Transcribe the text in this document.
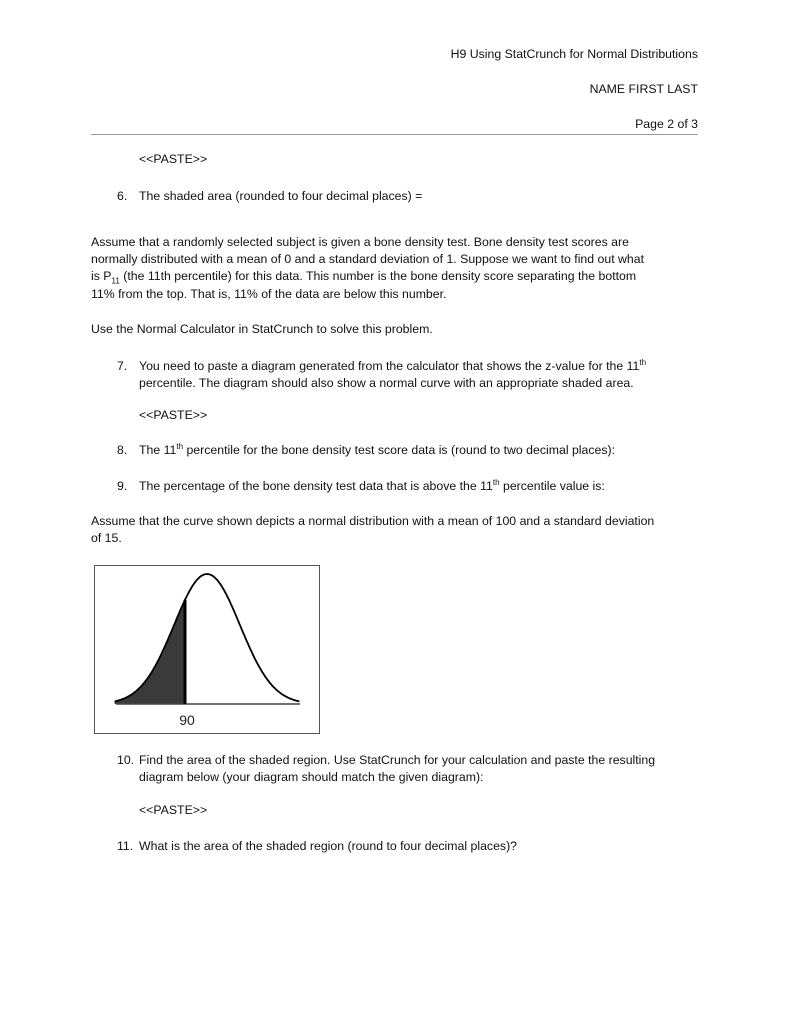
H9 Using StatCrunch for Normal Distributions
NAME FIRST LAST
Page 2 of 3
<<PASTE>>
6. The shaded area (rounded to four decimal places) =
Assume that a randomly selected subject is given a bone density test. Bone density test scores are
normally distributed with a mean of 0 and a standard deviation of 1. Suppose we want to find out what
is $P_{11}$ (the 11th percentile) for this data. This number is the bone density score separating the bottom
11% from the top. That is, 11% of the data are below this number.
Use the Normal Calculator in StatCrunch to solve this problem.
7. You need to paste a diagram generated from the calculator that shows the z-value for the 11th
percentile. The diagram should also show a normal curve with an appropriate shaded area.
<<PASTE>>
8. The 11th percentile for the bone density test score data is (round to two decimal places):
9. The percentage of the bone density test data that is above the 11th percentile value is:
Assume that the curve shown depicts a normal distribution with a mean of 100 and a standard deviation
of 15.
90
10. Find the area of the shaded region. Use StatCrunch for your calculation and paste the resulting
diagram below (your diagram should match the given diagram):
<<PASTE>>
11. What is the area of the shaded region (round to four decimal places)?
